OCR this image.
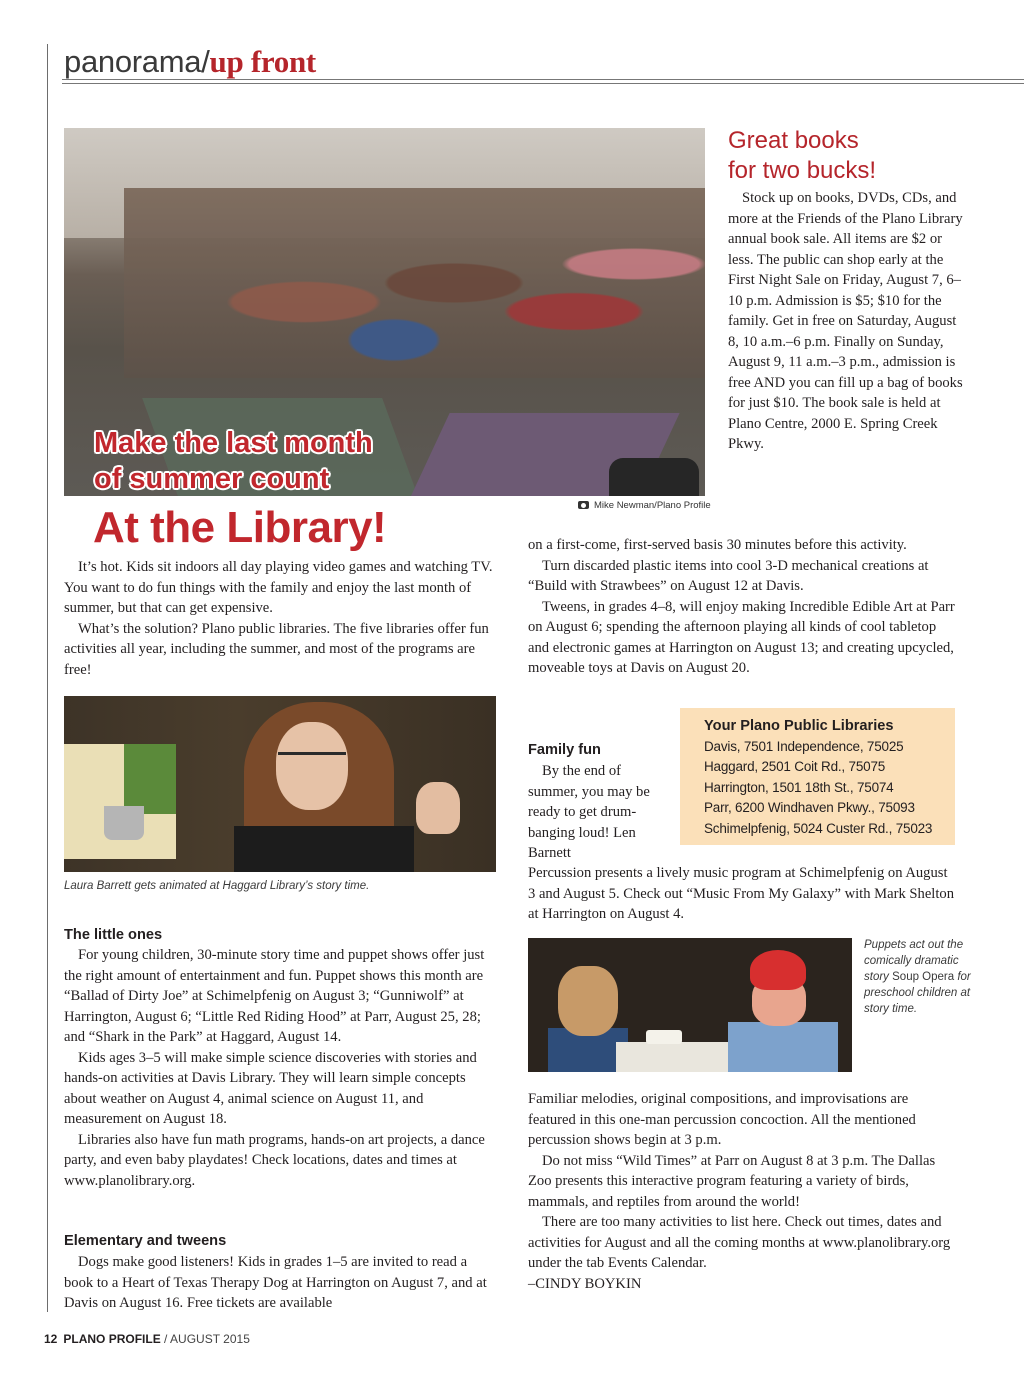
panorama/up front
Make the last month
of summer count
Mike Newman/Plano Profile
At the Library!
Great books
for two bucks!

Stock up on books, DVDs, CDs, and more at the Friends of the Plano Library annual book sale. All items are $2 or less. The public can shop early at the First Night Sale on Friday, August 7, 6–10 p.m. Admission is $5; $10 for the family. Get in free on Saturday, August 8, 10 a.m.–6 p.m. Finally on Sunday, August 9, 11 a.m.–3 p.m., admission is free AND you can fill up a bag of books for just $10. The book sale is held at Plano Centre, 2000 E. Spring Creek Pkwy.

It’s hot. Kids sit indoors all day playing video games and watching TV. You want to do fun things with the family and enjoy the last month of summer, but that can get expensive.

What’s the solution? Plano public libraries. The five libraries offer fun activities all year, including the summer, and most of the programs are free!

Laura Barrett gets animated at Haggard Library’s story time.
The little ones

For young children, 30-minute story time and puppet shows offer just the right amount of entertainment and fun. Puppet shows this month are “Ballad of Dirty Joe” at Schimelpfenig on August 3; “Gunniwolf” at Harrington, August 6; “Little Red Riding Hood” at Parr, August 25, 28; and “Shark in the Park” at Haggard, August 14.

Kids ages 3–5 will make simple science discoveries with stories and hands-on activities at Davis Library. They will learn simple concepts about weather on August 4, animal science on August 11, and measurement on August 18.

Libraries also have fun math programs, hands-on art projects, a dance party, and even baby playdates! Check locations, dates and times at www.planolibrary.org.

Elementary and tweens

Dogs make good listeners! Kids in grades 1–5 are invited to read a book to a Heart of Texas Therapy Dog at Harrington on August 7, and at Davis on August 16. Free tickets are available

on a first-come, first-served basis 30 minutes before this activity.

Turn discarded plastic items into cool 3-D mechanical creations at “Build with Strawbees” on August 12 at Davis.

Tweens, in grades 4–8, will enjoy making Incredible Edible Art at Parr on August 6; spending the afternoon playing all kinds of cool tabletop and electronic games at Harrington on August 13; and creating upcycled, moveable toys at Davis on August 20.

Your Plano Public Libraries
Davis, 7501 Independence, 75025
Haggard, 2501 Coit Rd., 75075
Harrington, 1501 18th St., 75074
Parr, 6200 Windhaven Pkwy., 75093
Schimelpfenig, 5024 Custer Rd., 75023
Family fun

By the end of summer, you may be ready to get drum-banging loud! Len Barnett

Percussion presents a lively music program at Schimelpfenig on August 3 and August 5. Check out “Music From My Galaxy” with Mark Shelton at Harrington on August 4.

Puppets act out the comically dramatic story Soup Opera for preschool children at story time.

Familiar melodies, original compositions, and improvisations are featured in this one-man percussion concoction. All the mentioned percussion shows begin at 3 p.m.

Do not miss “Wild Times” at Parr on August 8 at 3 p.m. The Dallas Zoo presents this interactive program featuring a variety of birds, mammals, and reptiles from around the world!

There are too many activities to list here. Check out times, dates and activities for August and all the coming months at www.planolibrary.org under the tab Events Calendar.

–CINDY BOYKIN

12 PLANO PROFILE / AUGUST 2015
